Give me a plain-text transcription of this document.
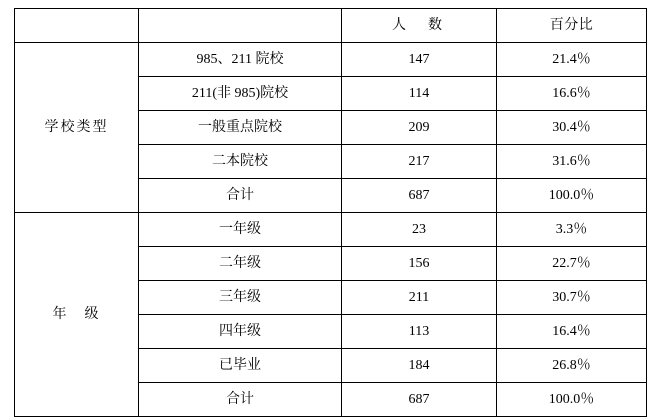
		人　数	百分比
学校类型	985、211 院校	147	21.4％
	211(非 985)院校	114	16.6％
	一般重点院校	209	30.4％
	二本院校	217	31.6％
	合计	687	100.0％
年　级	一年级	23	3.3％
	二年级	156	22.7％
	三年级	211	30.7％
	四年级	113	16.4％
	已毕业	184	26.8％
	合计	687	100.0％
